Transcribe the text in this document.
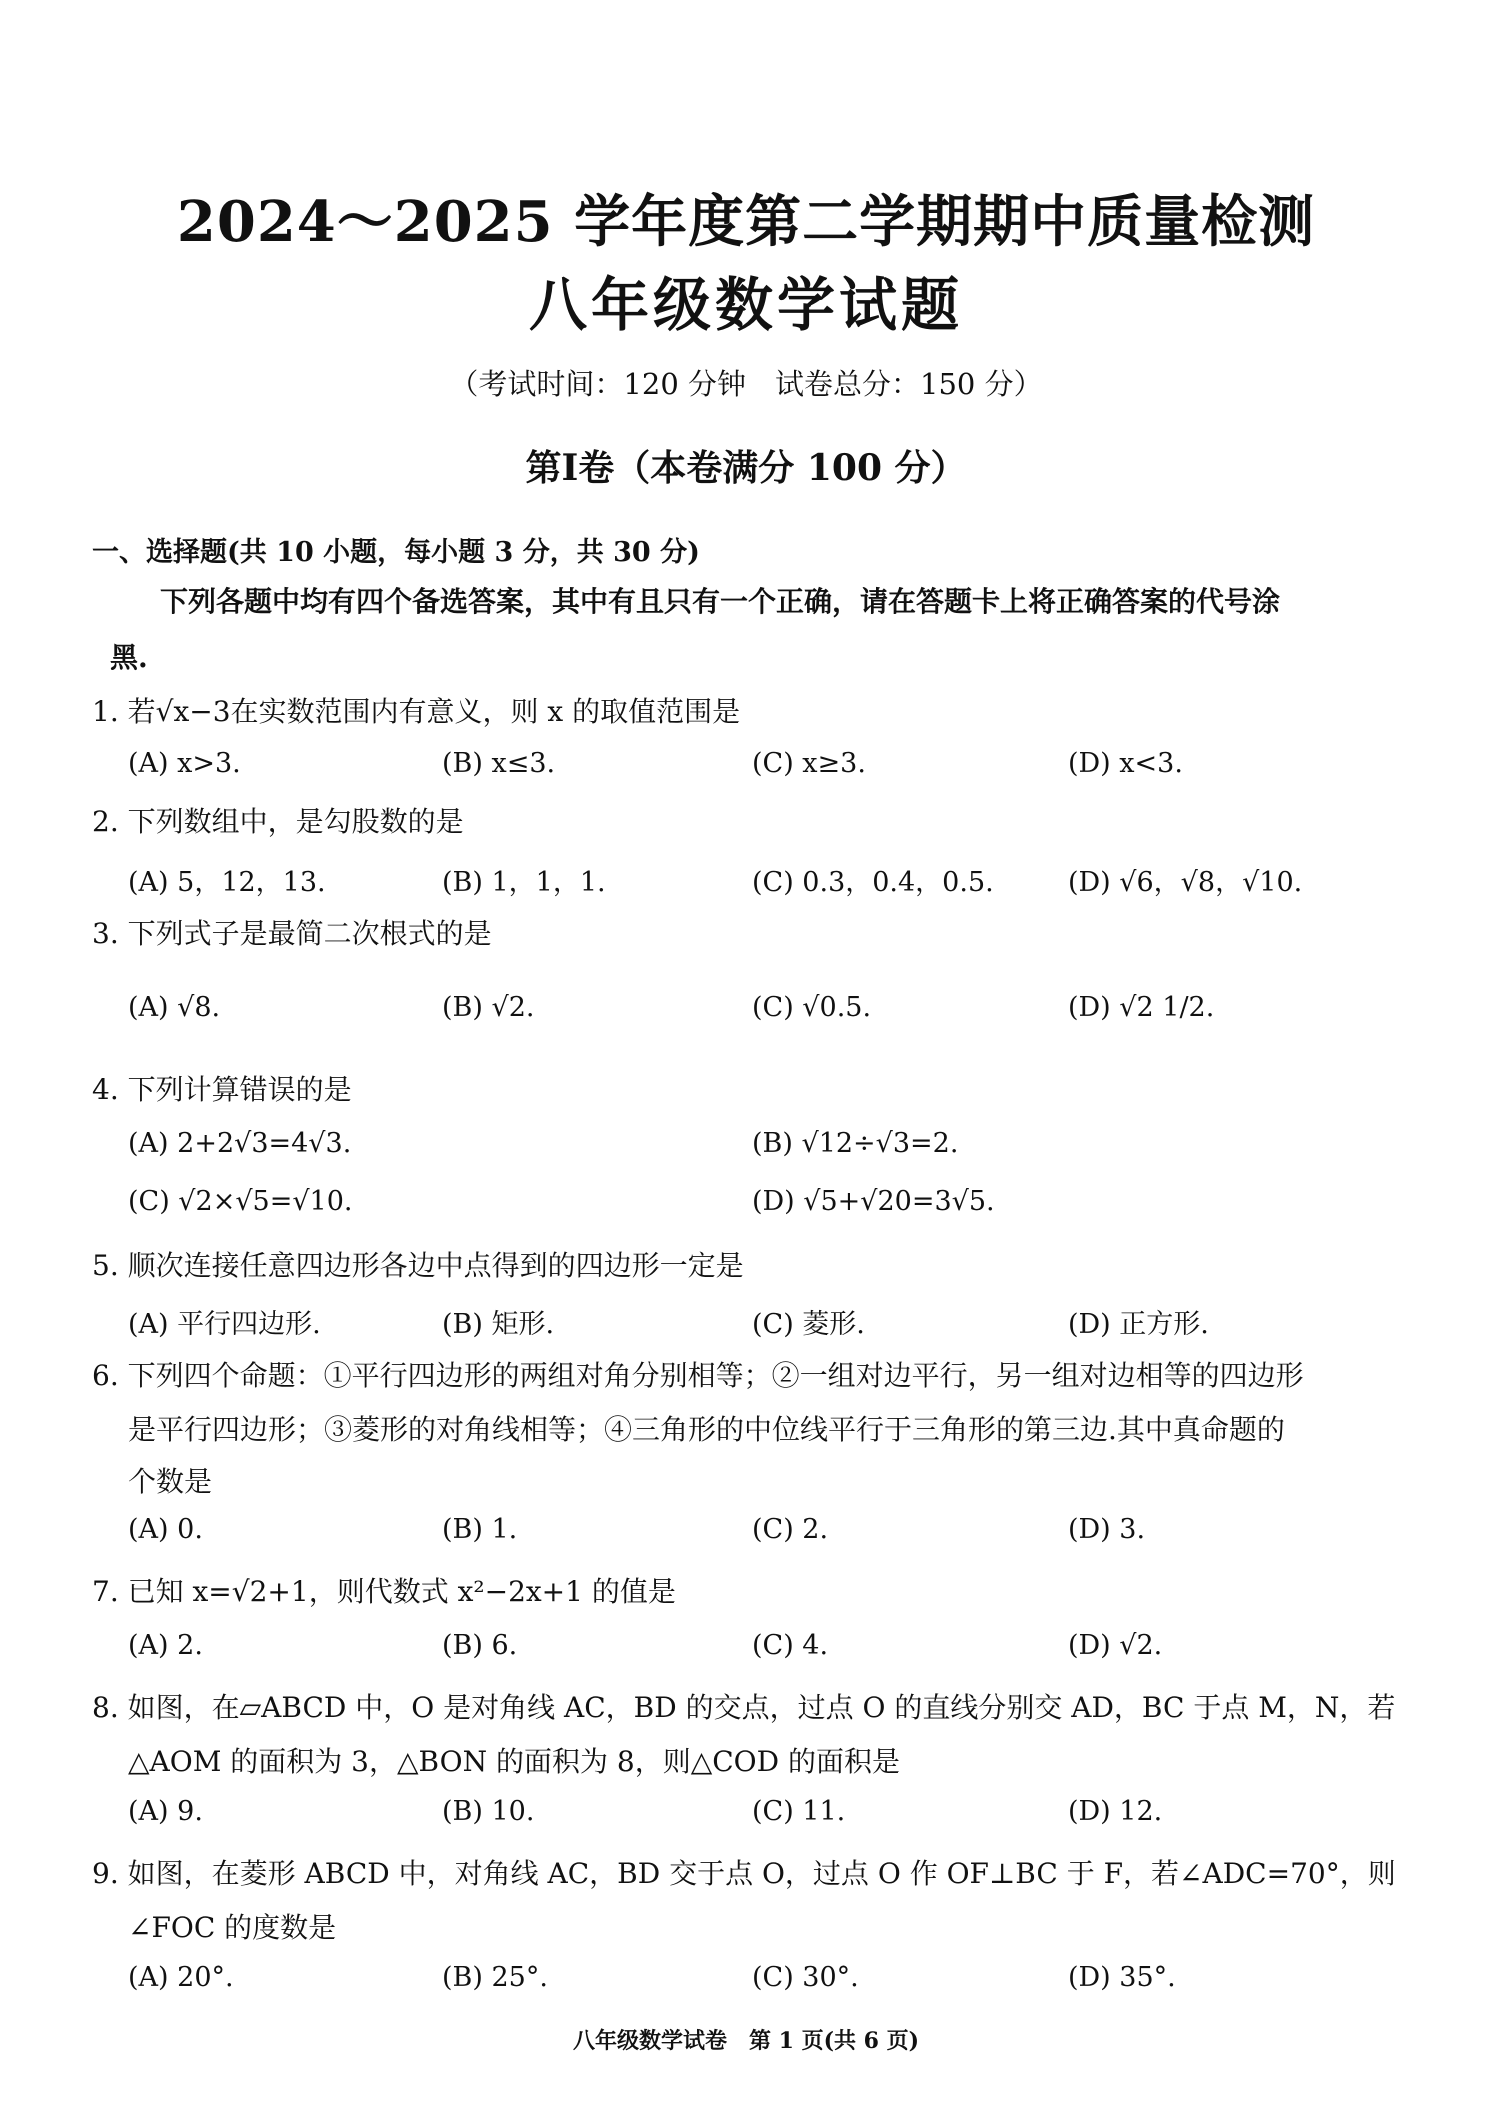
2024～2025 学年度第二学期期中质量检测
八年级数学试题
（考试时间：120 分钟　试卷总分：150 分）
第Ⅰ卷（本卷满分 100 分）
一、选择题(共 10 小题，每小题 3 分，共 30 分)
下列各题中均有四个备选答案，其中有且只有一个正确，请在答题卡上将正确答案的代号涂
黑.
1. 若√x−3在实数范围内有意义，则 x 的取值范围是
(A) x>3.	(B) x≤3.	(C) x≥3.	(D) x<3.
2. 下列数组中，是勾股数的是
(A) 5，12，13.	(B) 1，1，1.	(C) 0.3，0.4，0.5.	(D) √6，√8，√10.
3. 下列式子是最简二次根式的是
(A) √8.	(B) √2.	(C) √0.5.	(D) √2 1/2.
4. 下列计算错误的是
(A) 2+2√3=4√3.	(B) √12÷√3=2.
(C) √2×√5=√10.	(D) √5+√20=3√5.
5. 顺次连接任意四边形各边中点得到的四边形一定是
(A) 平行四边形.	(B) 矩形.	(C) 菱形.	(D) 正方形.
6. 下列四个命题：①平行四边形的两组对角分别相等；②一组对边平行，另一组对边相等的四边形
是平行四边形；③菱形的对角线相等；④三角形的中位线平行于三角形的第三边.其中真命题的
个数是
(A) 0.	(B) 1.	(C) 2.	(D) 3.
7. 已知 x=√2+1，则代数式 x²−2x+1 的值是
(A) 2.	(B) 6.	(C) 4.	(D) √2.
8. 如图，在▱ABCD 中，O 是对角线 AC，BD 的交点，过点 O 的直线分别交 AD，BC 于点 M，N，若
△AOM 的面积为 3，△BON 的面积为 8，则△COD 的面积是
(A) 9.	(B) 10.	(C) 11.	(D) 12.
9. 如图，在菱形 ABCD 中，对角线 AC，BD 交于点 O，过点 O 作 OF⊥BC 于 F，若∠ADC=70°，则
∠FOC 的度数是
(A) 20°.	(B) 25°.	(C) 30°.	(D) 35°.
八年级数学试卷　第 1 页(共 6 页)
